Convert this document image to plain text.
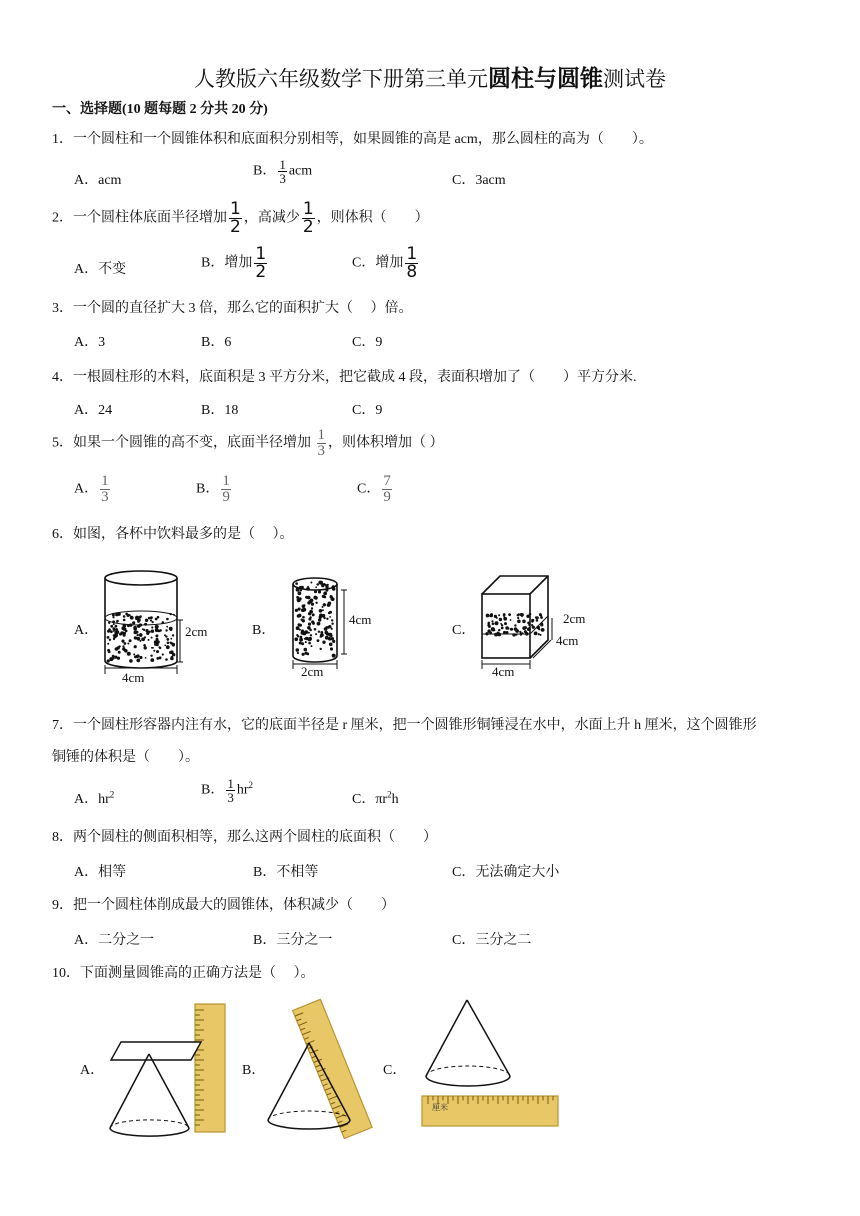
人教版六年级数学下册第三单元圆柱与圆锥测试卷
一、选择题(10 题每题 2 分共 20 分)
1．一个圆柱和一个圆锥体积和底面积分别相等，如果圆锥的高是 acm，那么圆柱的高为（　　）。
A．acm
B． $\frac{1}{3}$ acm
C．3acm
2．一个圆柱体底面半径增加 $\frac{1}{2}$ ，高减少 $\frac{1}{2}$ ，则体积（　　）
A．不变	B．增加 $\frac{1}{2}$	C．增加 $\frac{1}{8}$
3．一个圆的直径扩大 3 倍，那么它的面积扩大（　 ）倍。
A．3	B．6	C．9
4．一根圆柱形的木料，底面积是 3 平方分米，把它截成 4 段，表面积增加了（　　）平方分米.
A．24	B．18	C．9
5．如果一个圆锥的高不变，底面半径增加 $\frac{1}{3}$ ，则体积增加（ ）
A． $\frac{1}{3}$	B． $\frac{1}{9}$	C． $\frac{7}{9}$
6．如图，各杯中饮料最多的是（　 ）。
A．	B．	C．
2cm
4cm
4cm
2cm
2cm
4cm
4cm
7．一个圆柱形容器内注有水，它的底面半径是 r 厘米，把一个圆锥形铜锤浸在水中，水面上升 h 厘米，这个圆锥形
铜锤的体积是（　　）。
A．$hr^2$	B． $\frac{1}{3} hr^2$
C．$\pi r^2h$
8．两个圆柱的侧面积相等，那么这两个圆柱的底面积（　　）
A．相等	B．不相等	C．无法确定大小
9．把一个圆柱体削成最大的圆锥体，体积减少（　　）
A．二分之一	B．三分之一	C．三分之二
10．下面测量圆锥高的正确方法是（　 ）。
A．	B．	C．
厘米
